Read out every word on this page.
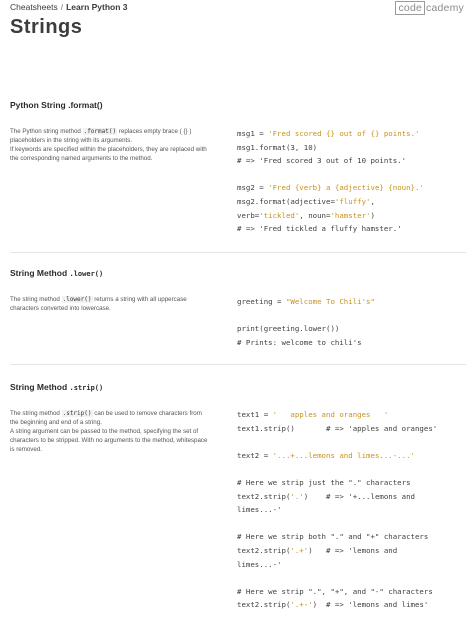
Cheatsheets / Learn Python 3	code cademy
Strings
Python String .format()

The Python string method .format() replaces empty brace ( {} ) placeholders in the string with its arguments.
If keywords are specified within the placeholders, they are replaced with the corresponding named arguments to the method.

msg1 = 'Fred scored {} out of {} points.'
msg1.format(3, 10)
# => 'Fred scored 3 out of 10 points.'
msg2 = 'Fred {verb} a {adjective} {noun}.'
msg2.format(adjective='fluffy',
verb='tickled', noun='hamster')
# => 'Fred tickled a fluffy hamster.'
String Method .lower()

The string method .lower() returns a string with all uppercase characters converted into lowercase.

greeting = "Welcome To Chili's"
print(greeting.lower())
# Prints: welcome to chili's
String Method .strip()

The string method .strip() can be used to remove characters from the beginning and end of a string.
A string argument can be passed to the method, specifying the set of characters to be stripped. With no arguments to the method, whitespace is removed.

text1 = '   apples and oranges   '
text1.strip()       # => 'apples and oranges'
text2 = '...+...lemons and limes...-...'
# Here we strip just the "." characters
text2.strip('.')    # => '+...lemons and
limes...-'
# Here we strip both "." and "+" characters
text2.strip('.+')   # => 'lemons and
limes...-'
# Here we strip ".", "+", and "-" characters
text2.strip('.+-')  # => 'lemons and limes'
